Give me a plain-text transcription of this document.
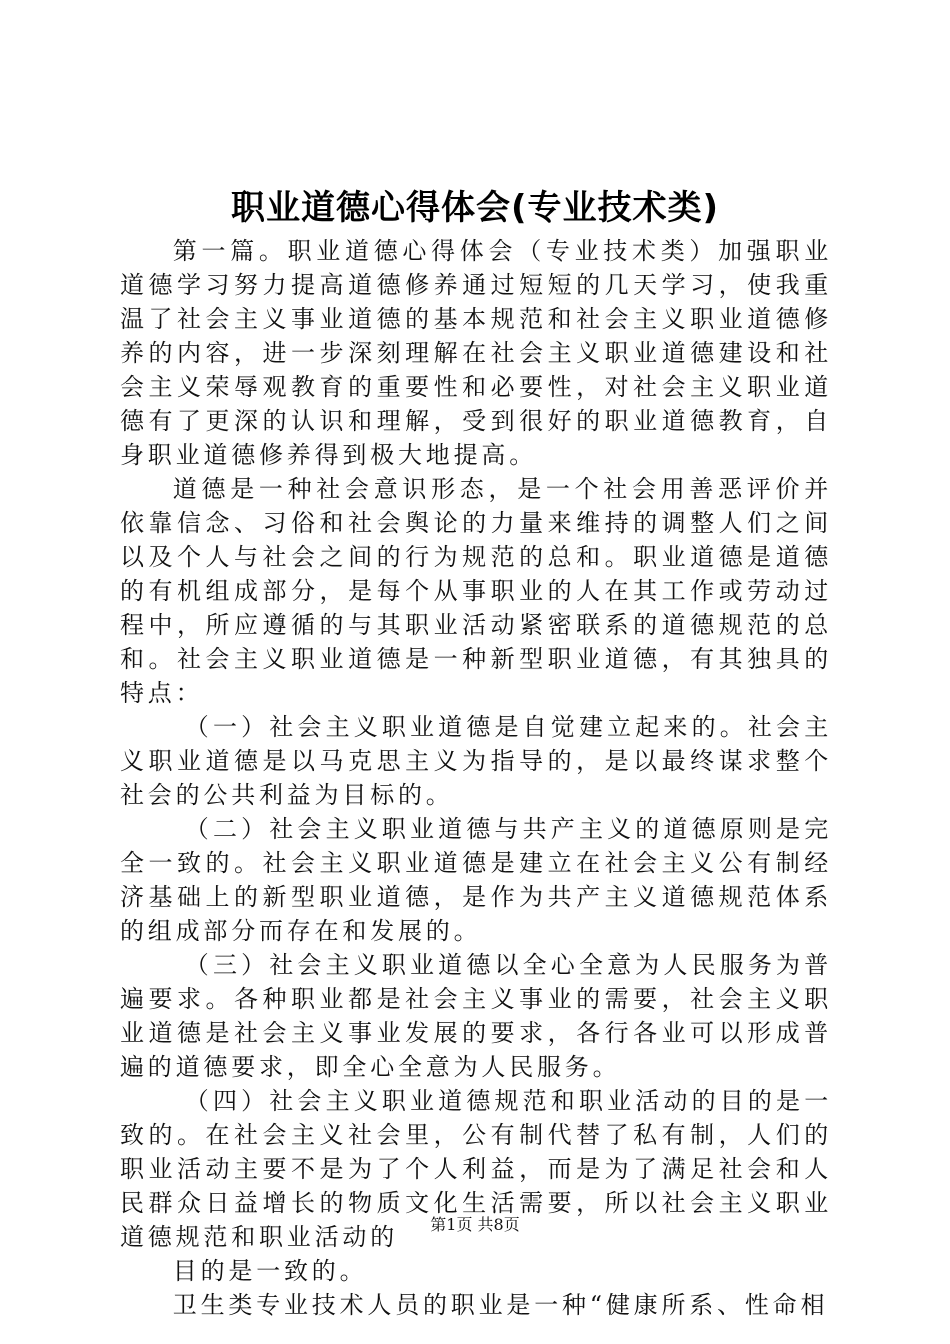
职业道德心得体会(专业技术类)

第一篇。职业道德心得体会（专业技术类）加强职业道德学习努力提高道德修养通过短短的几天学习，使我重温了社会主义事业道德的基本规范和社会主义职业道德修养的内容，进一步深刻理解在社会主义职业道德建设和社会主义荣辱观教育的重要性和必要性，对社会主义职业道德有了更深的认识和理解，受到很好的职业道德教育，自身职业道德修养得到极大地提高。

道德是一种社会意识形态，是一个社会用善恶评价并依靠信念、习俗和社会舆论的力量来维持的调整人们之间以及个人与社会之间的行为规范的总和。职业道德是道德的有机组成部分，是每个从事职业的人在其工作或劳动过程中，所应遵循的与其职业活动紧密联系的道德规范的总和。社会主义职业道德是一种新型职业道德，有其独具的特点：

（一）社会主义职业道德是自觉建立起来的。社会主义职业道德是以马克思主义为指导的，是以最终谋求整个社会的公共利益为目标的。

（二）社会主义职业道德与共产主义的道德原则是完全一致的。社会主义职业道德是建立在社会主义公有制经济基础上的新型职业道德，是作为共产主义道德规范体系的组成部分而存在和发展的。

（三）社会主义职业道德以全心全意为人民服务为普遍要求。各种职业都是社会主义事业的需要，社会主义职业道德是社会主义事业发展的要求，各行各业可以形成普遍的道德要求，即全心全意为人民服务。

（四）社会主义职业道德规范和职业活动的目的是一致的。在社会主义社会里，公有制代替了私有制，人们的职业活动主要不是为了个人利益，而是为了满足社会和人民群众日益增长的物质文化生活需要，所以社会主义职业道德规范和职业活动的

目的是一致的。

卫生类专业技术人员的职业是一种“健康所系、性命相

第1页 共8页
